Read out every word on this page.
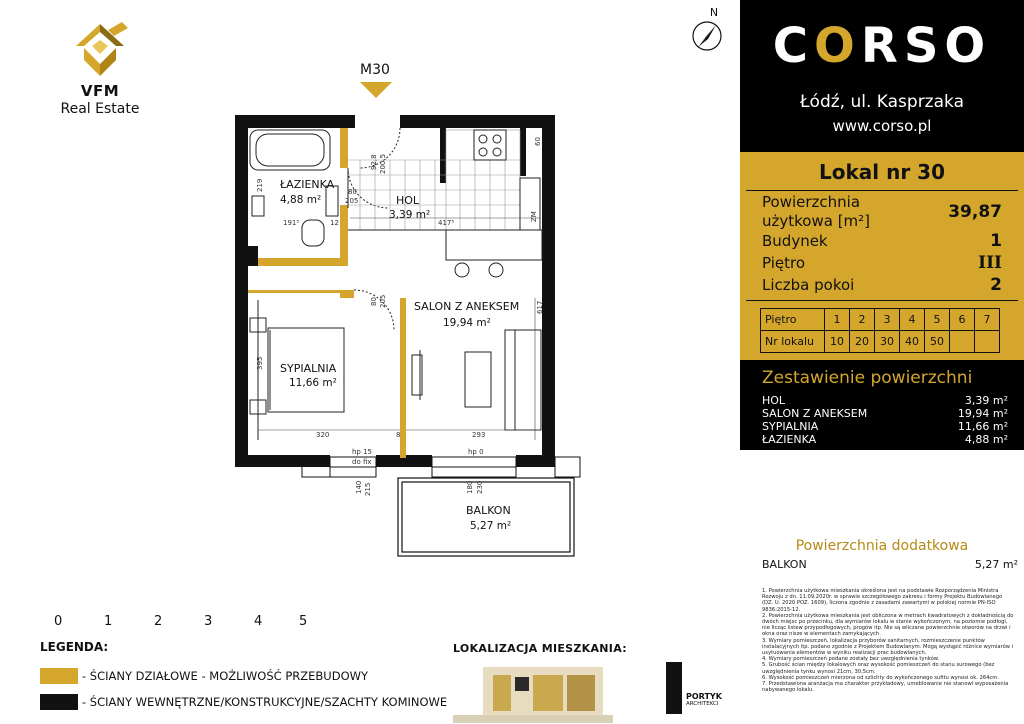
VFM
Real Estate
N
M30
ŁAZIENKA
4,88 m²	HOL
3,39 m²
SALON Z ANEKSEM
19,94 m²
SYPIALNIA
11,66 m²
BALKON
5,27 m²
92,8 200,5
219
191⁵	12
80
205
417⁵
ZM
60
80 205	617
395
320	8	293
hp 15	hp 0
do fix
140 215	180 230
0	1	2	3	4	5
LEGENDA:
- ŚCIANY DZIAŁOWE - MOŻLIWOŚĆ PRZEBUDOWY
- ŚCIANY WEWNĘTRZNE/KONSTRUKCYJNE/SZACHTY KOMINOWE
LOKALIZACJA MIESZKANIA:
PORTYK
ARCHITEKCI
CORSO
Łódź, ul. Kasprzaka
www.corso.pl
Lokal nr 30
Powierzchnia użytkowa [m²]	39,87
Budynek	1
Piętro	III
Liczba pokoi	2
Piętro	1	2	3	4	5	6	7
Nr lokalu	10	20	30	40	50		
Zestawienie powierzchni
HOL	3,39 m²
SALON Z ANEKSEM	19,94 m²
SYPIALNIA	11,66 m²
ŁAZIENKA	4,88 m²
Powierzchnia dodatkowa
BALKON	5,27 m²

1. Powierzchnia użytkowa mieszkania określona jest na podstawie Rozporządzenia Ministra Rozwoju z dn. 11.09.2020r. w sprawie szczegółowego zakresu i formy Projektu Budowlanego (DZ. U. 2020 POZ. 1609), liczona zgodnie z zasadami zawartymi w polskiej normie PN-ISO 9836:2015-12.

2. Powierzchnia użytkowa mieszkania jest obliczona w metrach kwadratowych z dokładnością do dwóch miejsc po przecinku, dla wymiarów lokalu w stanie wykończonym, na poziomie podłogi, nie licząc listew przypodłogowych, progów itp. Nie są wliczane powierzchnie otworów na drzwi i okna oraz nisze w elementach zamykających.

3. Wymiary pomieszczeń, lokalizacja przyborów sanitarnych, rozmieszczenie punktów instalacyjnych itp. podano zgodnie z Projektem Budowlanym. Mogą wystąpić różnice wymiarów i usytuowania elementów w wyniku realizacji prac budowlanych.

4. Wymiary pomieszczeń podane zostały bez uwzględnienia tynków.

5. Grubość ścian między lokalowych oraz wysokość pomieszczeń do stanu surowego (bez uwzględnienia tynku wynosi 21cm, 30,5cm.

6. Wysokość pomieszczeń mierzona od szlichty do wykończonego sufitu wynosi ok. 264cm.

7. Przedstawiona aranżacja ma charakter przykładowy, umeblowanie nie stanowi wyposażenia nabywanego lokalu.
